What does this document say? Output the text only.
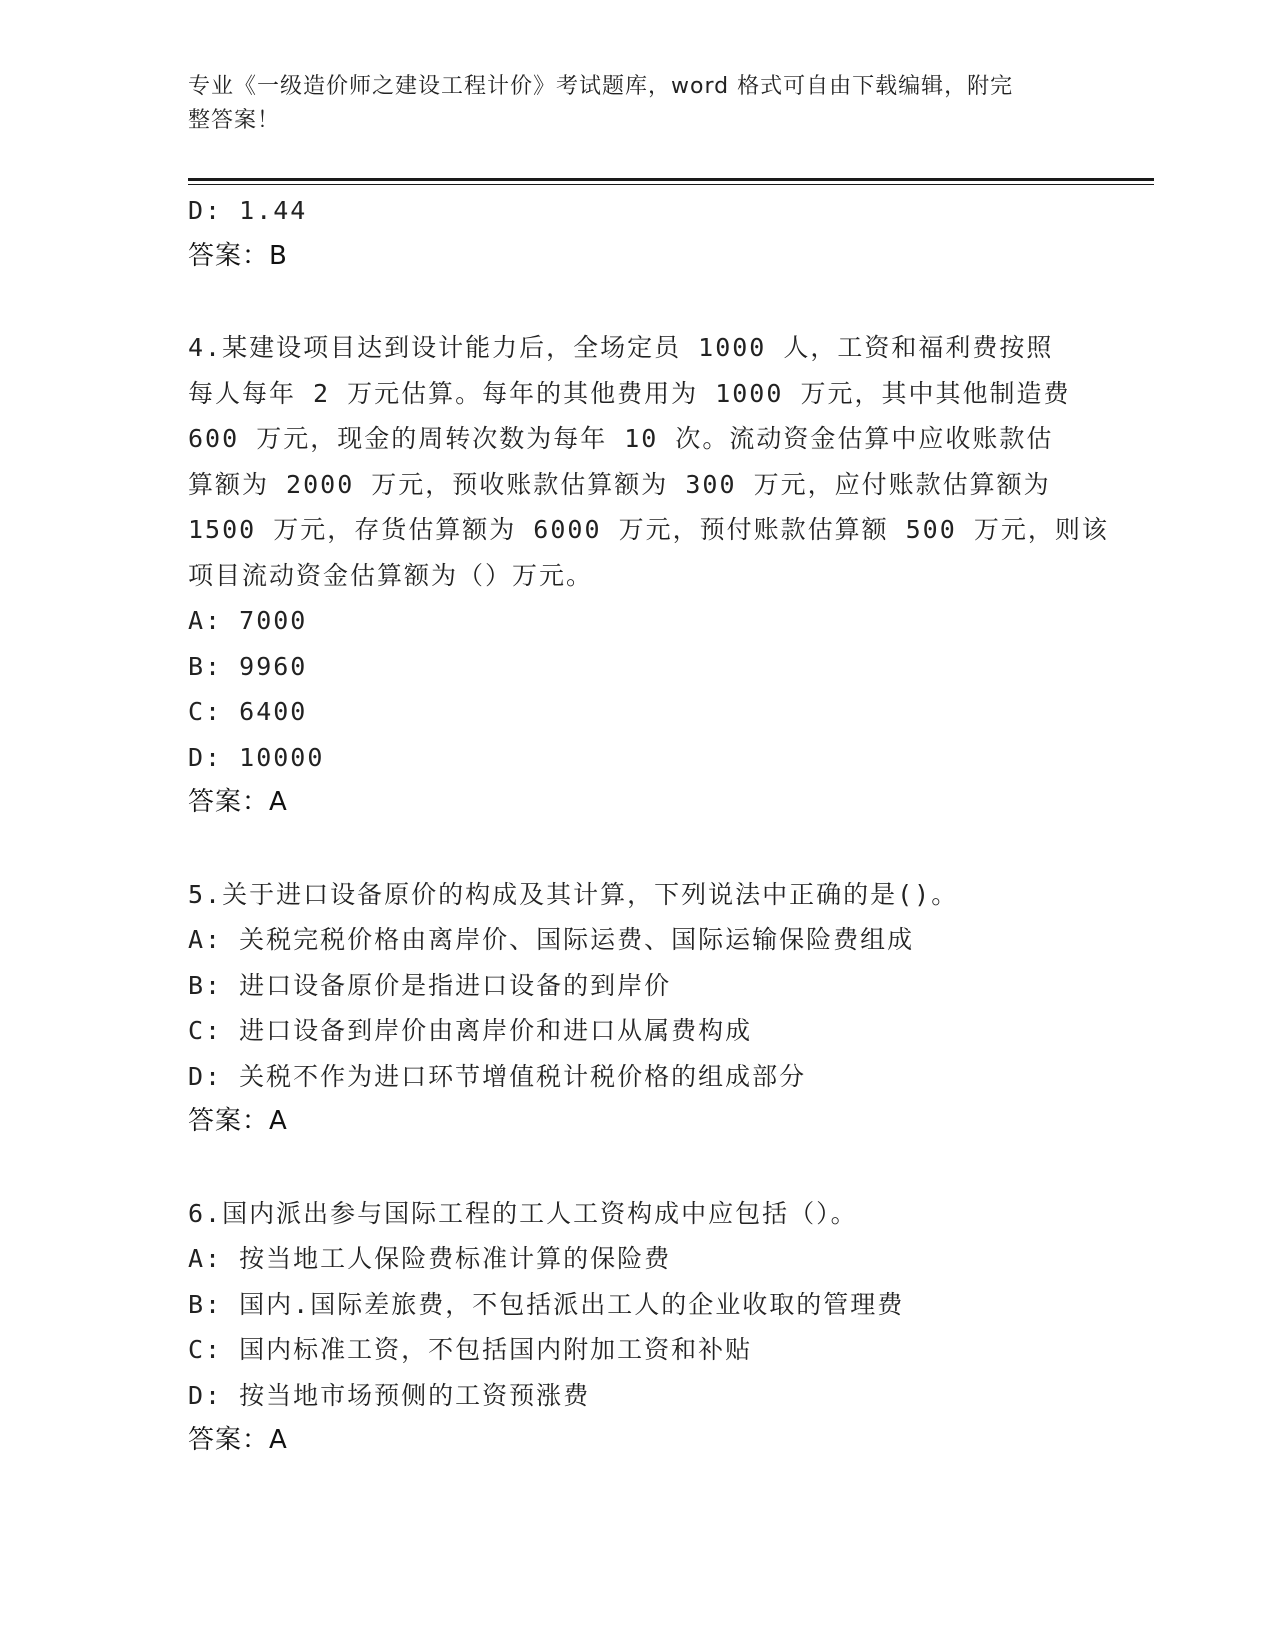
专业《一级造价师之建设工程计价》考试题库，word 格式可自由下载编辑，附完
整答案！
D: 1.44
答案：B
4.某建设项目达到设计能力后，全场定员 1000 人，工资和福利费按照
每人每年 2 万元估算。每年的其他费用为 1000 万元，其中其他制造费
600 万元，现金的周转次数为每年 10 次。流动资金估算中应收账款估
算额为 2000 万元，预收账款估算额为 300 万元，应付账款估算额为
1500 万元，存货估算额为 6000 万元，预付账款估算额 500 万元，则该
项目流动资金估算额为（）万元。
A: 7000
B: 9960
C: 6400
D: 10000
答案：A
5.关于进口设备原价的构成及其计算，下列说法中正确的是()。
A: 关税完税价格由离岸价、国际运费、国际运输保险费组成
B: 进口设备原价是指进口设备的到岸价
C: 进口设备到岸价由离岸价和进口从属费构成
D: 关税不作为进口环节增值税计税价格的组成部分
答案：A
6.国内派出参与国际工程的工人工资构成中应包括（）。
A: 按当地工人保险费标准计算的保险费
B: 国内.国际差旅费，不包括派出工人的企业收取的管理费
C: 国内标准工资，不包括国内附加工资和补贴
D: 按当地市场预侧的工资预涨费
答案：A
